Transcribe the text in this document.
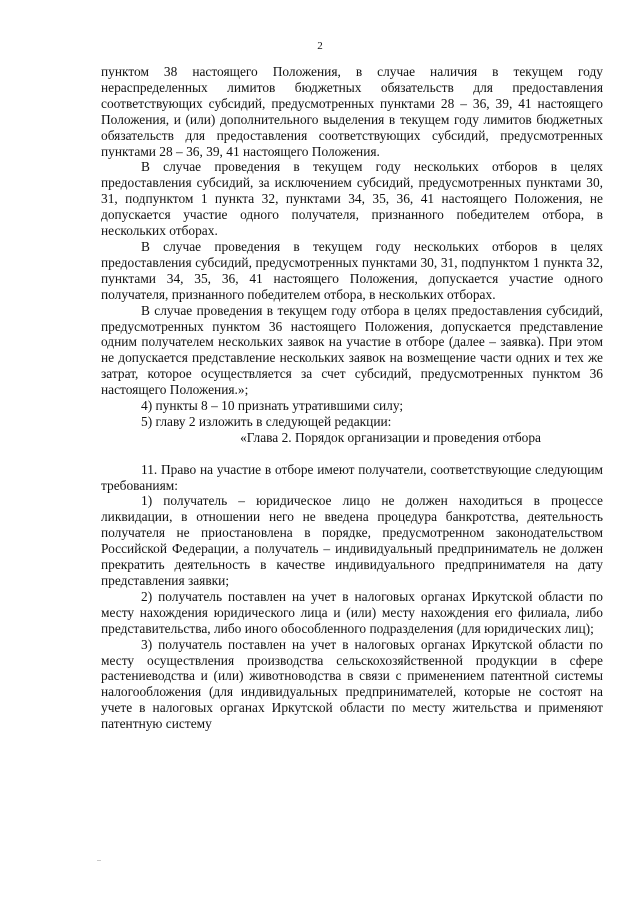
2

пунктом 38 настоящего Положения, в случае наличия в текущем году нераспределенных лимитов бюджетных обязательств для предоставления соответствующих субсидий, предусмотренных пунктами 28 – 36, 39, 41 настоящего Положения, и (или) дополнительного выделения в текущем году лимитов бюджетных обязательств для предоставления соответствующих субсидий, предусмотренных пунктами 28 – 36, 39, 41 настоящего Положения.

В случае проведения в текущем году нескольких отборов в целях предоставления субсидий, за исключением субсидий, предусмотренных пунктами 30, 31, подпунктом 1 пункта 32, пунктами 34, 35, 36, 41 настоящего Положения, не допускается участие одного получателя, признанного победителем отбора, в нескольких отборах.

В случае проведения в текущем году нескольких отборов в целях предоставления субсидий, предусмотренных пунктами 30, 31, подпунктом 1 пункта 32, пунктами 34, 35, 36, 41 настоящего Положения, допускается участие одного получателя, признанного победителем отбора, в нескольких отборах.

В случае проведения в текущем году отбора в целях предоставления субсидий, предусмотренных пунктом 36 настоящего Положения, допускается представление одним получателем нескольких заявок на участие в отборе (далее – заявка). При этом не допускается представление нескольких заявок на возмещение части одних и тех же затрат, которое осуществляется за счет субсидий, предусмотренных пунктом 36 настоящего Положения.»;

4) пункты 8 – 10 признать утратившими силу;

5) главу 2 изложить в следующей редакции:

«Глава 2. Порядок организации и проведения отбора

11. Право на участие в отборе имеют получатели, соответствующие следующим требованиям:

1) получатель – юридическое лицо не должен находиться в процессе ликвидации, в отношении него не введена процедура банкротства, деятельность получателя не приостановлена в порядке, предусмотренном законодательством Российской Федерации, а получатель – индивидуальный предприниматель не должен прекратить деятельность в качестве индивидуального предпринимателя на дату представления заявки;

2) получатель поставлен на учет в налоговых органах Иркутской области по месту нахождения юридического лица и (или) месту нахождения его филиала, либо представительства, либо иного обособленного подразделения (для юридических лиц);

3) получатель поставлен на учет в налоговых органах Иркутской области по месту осуществления производства сельскохозяйственной продукции в сфере растениеводства и (или) животноводства в связи с применением патентной системы налогообложения (для индивидуальных предпринимателей, которые не состоят на учете в налоговых органах Иркутской области по месту жительства и применяют патентную систему
